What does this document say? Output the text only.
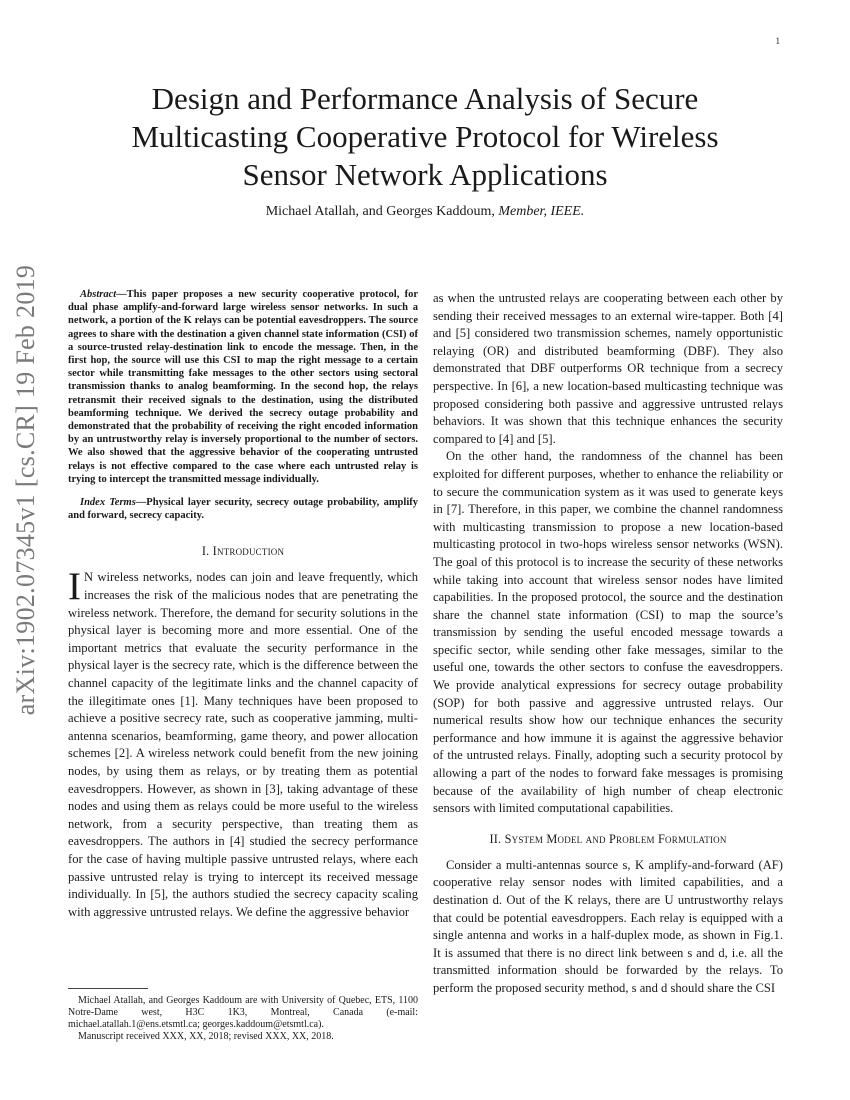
1
arXiv:1902.07345v1 [cs.CR] 19 Feb 2019
Design and Performance Analysis of Secure Multicasting Cooperative Protocol for Wireless Sensor Network Applications

Michael Atallah, and Georges Kaddoum, Member, IEEE.

Abstract—This paper proposes a new security cooperative protocol, for dual phase amplify-and-forward large wireless sensor networks. In such a network, a portion of the K relays can be potential eavesdroppers. The source agrees to share with the destination a given channel state information (CSI) of a source-trusted relay-destination link to encode the message. Then, in the first hop, the source will use this CSI to map the right message to a certain sector while transmitting fake messages to the other sectors using sectoral transmission thanks to analog beamforming. In the second hop, the relays retransmit their received signals to the destination, using the distributed beamforming technique. We derived the secrecy outage probability and demonstrated that the probability of receiving the right encoded information by an untrustworthy relay is inversely proportional to the number of sectors. We also showed that the aggressive behavior of the cooperating untrusted relays is not effective compared to the case where each untrusted relay is trying to intercept the transmitted message individually.

Index Terms—Physical layer security, secrecy outage probability, amplify and forward, secrecy capacity.

I. Introduction

I N wireless networks, nodes can join and leave frequently, which increases the risk of the malicious nodes that are penetrating the wireless network. Therefore, the demand for security solutions in the physical layer is becoming more and more essential. One of the important metrics that evaluate the security performance in the physical layer is the secrecy rate, which is the difference between the channel capacity of the legitimate links and the channel capacity of the illegitimate ones [1]. Many techniques have been proposed to achieve a positive secrecy rate, such as cooperative jamming, multi-antenna scenarios, beamforming, game theory, and power allocation schemes [2]. A wireless network could benefit from the new joining nodes, by using them as relays, or by treating them as potential eavesdroppers. However, as shown in [3], taking advantage of these nodes and using them as relays could be more useful to the wireless network, from a security perspective, than treating them as eavesdroppers. The authors in [4] studied the secrecy performance for the case of having multiple passive untrusted relays, where each passive untrusted relay is trying to intercept its received message individually. In [5], the authors studied the secrecy capacity scaling with aggressive untrusted relays. We define the aggressive behavior

Michael Atallah, and Georges Kaddoum are with University of Quebec, ETS, 1100 Notre-Dame west, H3C 1K3, Montreal, Canada (e-mail: michael.atallah.1@ens.etsmtl.ca; georges.kaddoum@etsmtl.ca).

Manuscript received XXX, XX, 2018; revised XXX, XX, 2018.

as when the untrusted relays are cooperating between each other by sending their received messages to an external wire-tapper. Both [4] and [5] considered two transmission schemes, namely opportunistic relaying (OR) and distributed beamforming (DBF). They also demonstrated that DBF outperforms OR technique from a secrecy perspective. In [6], a new location-based multicasting technique was proposed considering both passive and aggressive untrusted relays behaviors. It was shown that this technique enhances the security compared to [4] and [5].

On the other hand, the randomness of the channel has been exploited for different purposes, whether to enhance the reliability or to secure the communication system as it was used to generate keys in [7]. Therefore, in this paper, we combine the channel randomness with multicasting transmission to propose a new location-based multicasting protocol in two-hops wireless sensor networks (WSN). The goal of this protocol is to increase the security of these networks while taking into account that wireless sensor nodes have limited capabilities. In the proposed protocol, the source and the destination share the channel state information (CSI) to map the source’s transmission by sending the useful encoded message towards a specific sector, while sending other fake messages, similar to the useful one, towards the other sectors to confuse the eavesdroppers. We provide analytical expressions for secrecy outage probability (SOP) for both passive and aggressive untrusted relays. Our numerical results show how our technique enhances the security performance and how immune it is against the aggressive behavior of the untrusted relays. Finally, adopting such a security protocol by allowing a part of the nodes to forward fake messages is promising because of the availability of high number of cheap electronic sensors with limited computational capabilities.

II. System Model and Problem Formulation

Consider a multi-antennas source s, K amplify-and-forward (AF) cooperative relay sensor nodes with limited capabilities, and a destination d. Out of the K relays, there are U untrustworthy relays that could be potential eavesdroppers. Each relay is equipped with a single antenna and works in a half-duplex mode, as shown in Fig.1. It is assumed that there is no direct link between s and d, i.e. all the transmitted information should be forwarded by the relays. To perform the proposed security method, s and d should share the CSI
